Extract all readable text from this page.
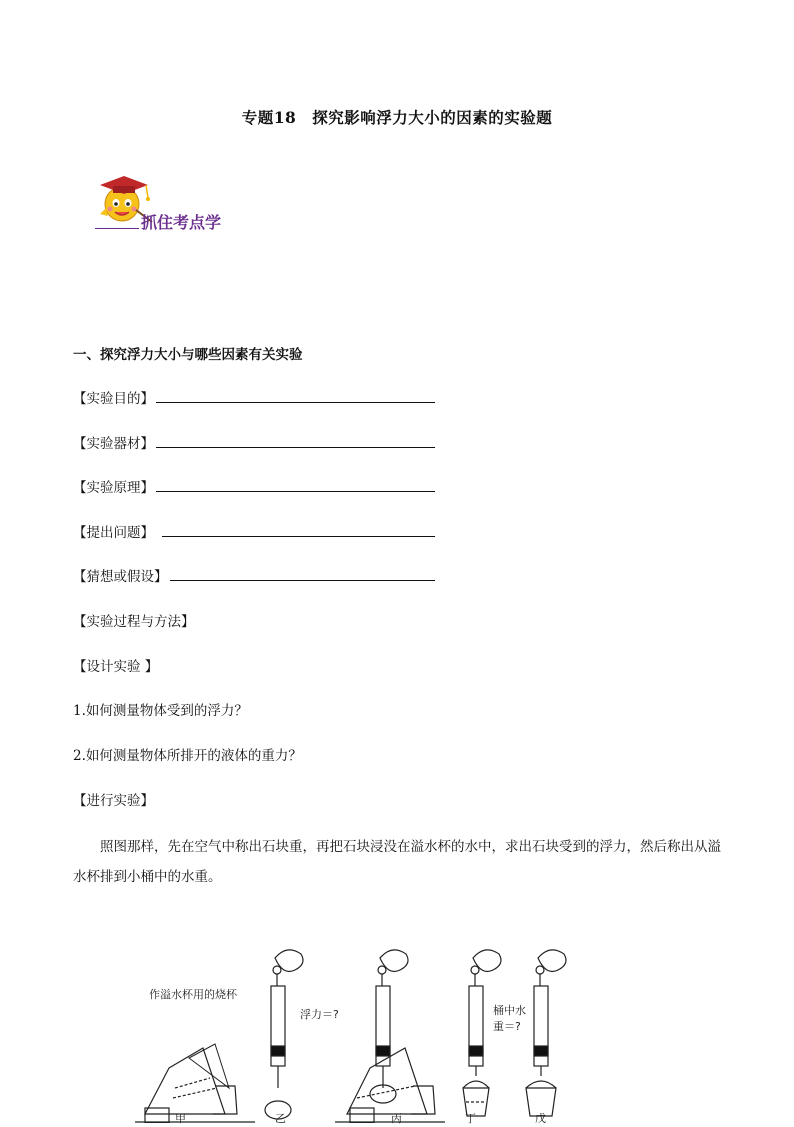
专题18　探究影响浮力大小的因素的实验题
抓住考点学
一、探究浮力大小与哪些因素有关实验
【实验目的】
【实验器材】
【实验原理】
【提出问题】
【猜想或假设】
【实验过程与方法】
【设计实验 】
1.如何测量物体受到的浮力？
2.如何测量物体所排开的液体的重力？
【进行实验】
照图那样，先在空气中称出石块重，再把石块浸没在溢水杯的水中，求出石块受到的浮力，然后称出从溢水杯排到小桶中的水重。
作溢水杯用的烧杯
浮力＝?	桶中水
重＝?
甲	乙	丙	丁	戊
